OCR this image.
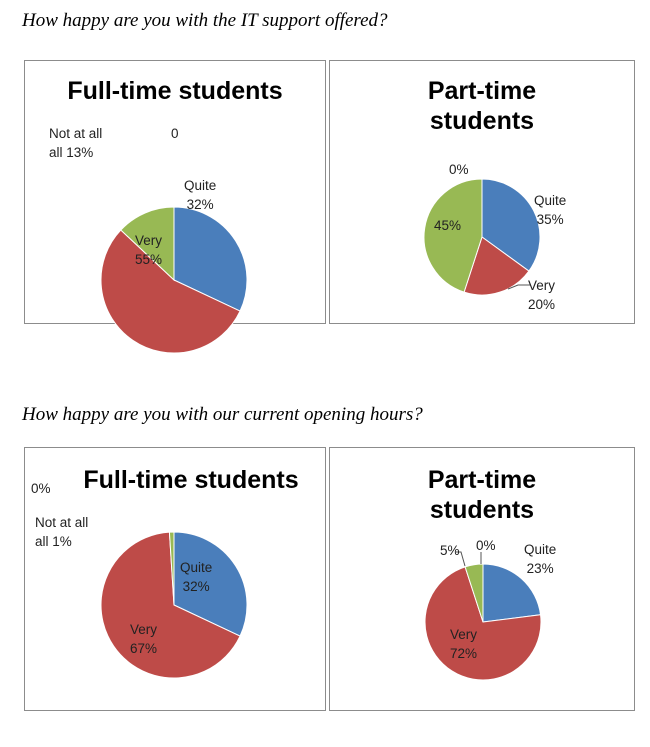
How happy are you with the IT support offered?
Full-time students
Not at all
all 13%
0
Quite
32%
Very
55%
Part-time
students
0%
Quite
35%
45%
Very
20%
How happy are you with our current opening hours?
0%	Full-time students
Not at all
all 1%
Quite
32%
Very
67%
Part-time
students
5% 0% Quite
23%
Very
72%
